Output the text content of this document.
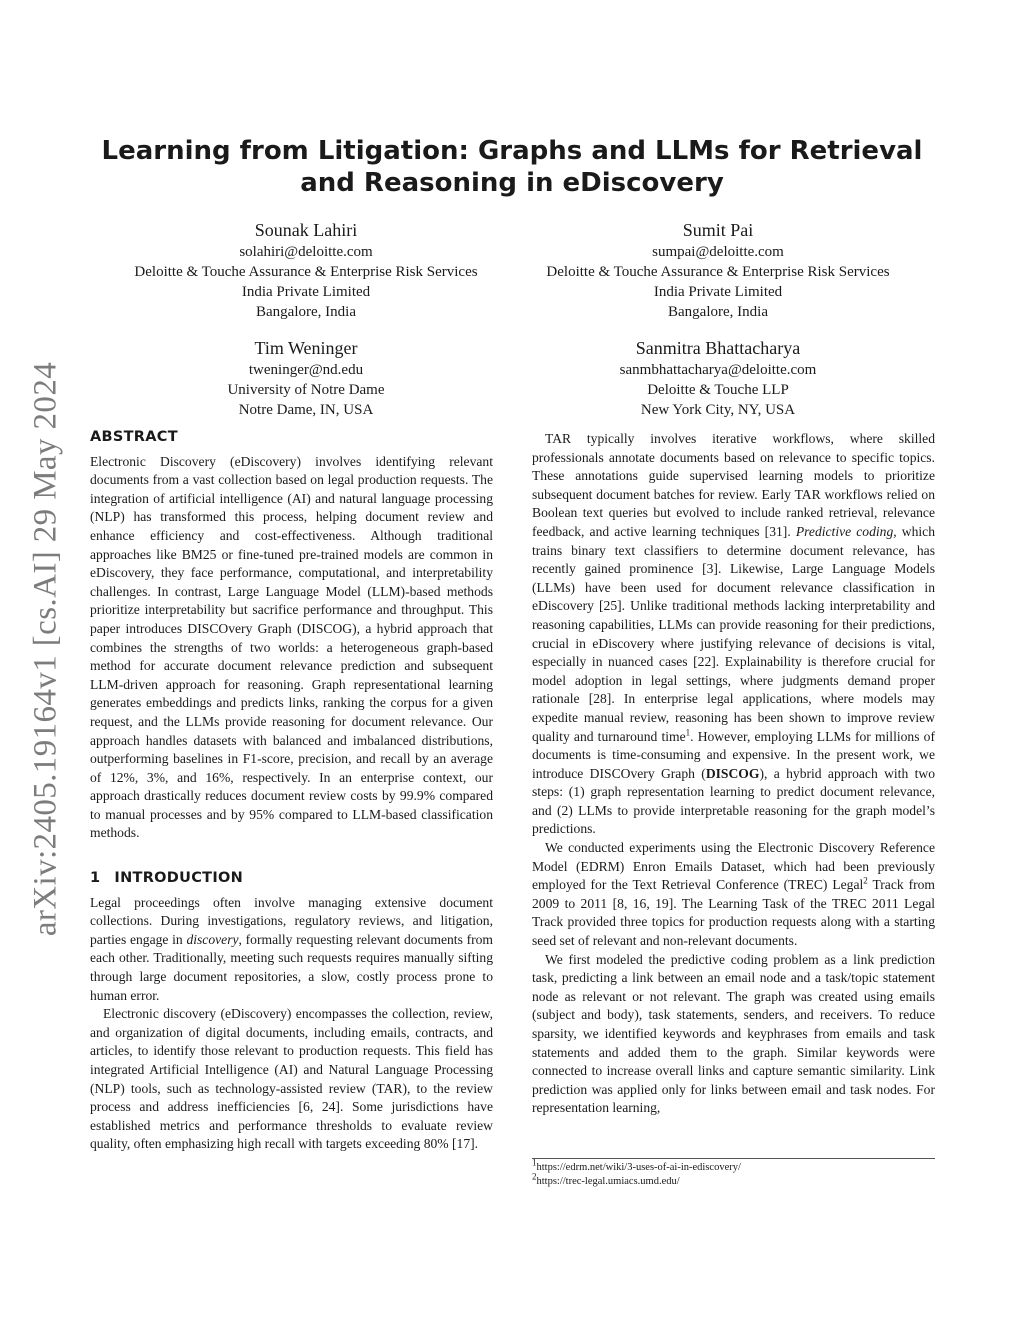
arXiv:2405.19164v1 [cs.AI] 29 May 2024
Learning from Litigation: Graphs and LLMs for Retrieval and Reasoning in eDiscovery
Sounak Lahiri
solahiri@deloitte.com
Deloitte & Touche Assurance & Enterprise Risk Services
India Private Limited
Bangalore, India
Sumit Pai
sumpai@deloitte.com
Deloitte & Touche Assurance & Enterprise Risk Services
India Private Limited
Bangalore, India
Tim Weninger
tweninger@nd.edu
University of Notre Dame
Notre Dame, IN, USA
Sanmitra Bhattacharya
sanmbhattacharya@deloitte.com
Deloitte & Touche LLP
New York City, NY, USA
ABSTRACT

Electronic Discovery (eDiscovery) involves identifying relevant documents from a vast collection based on legal production requests. The integration of artificial intelligence (AI) and natural language processing (NLP) has transformed this process, helping document review and enhance efficiency and cost-effectiveness. Although traditional approaches like BM25 or fine-tuned pre-trained models are common in eDiscovery, they face performance, computational, and interpretability challenges. In contrast, Large Language Model (LLM)-based methods prioritize interpretability but sacrifice performance and throughput. This paper introduces DISCOvery Graph (DISCOG), a hybrid approach that combines the strengths of two worlds: a heterogeneous graph-based method for accurate document relevance prediction and subsequent LLM-driven approach for reasoning. Graph representational learning generates embeddings and predicts links, ranking the corpus for a given request, and the LLMs provide reasoning for document relevance. Our approach handles datasets with balanced and imbalanced distributions, outperforming baselines in F1-score, precision, and recall by an average of 12%, 3%, and 16%, respectively. In an enterprise context, our approach drastically reduces document review costs by 99.9% compared to manual processes and by 95% compared to LLM-based classification methods.

1 INTRODUCTION

Legal proceedings often involve managing extensive document collections. During investigations, regulatory reviews, and litigation, parties engage in discovery, formally requesting relevant documents from each other. Traditionally, meeting such requests requires manually sifting through large document repositories, a slow, costly process prone to human error.

Electronic discovery (eDiscovery) encompasses the collection, review, and organization of digital documents, including emails, contracts, and articles, to identify those relevant to production requests. This field has integrated Artificial Intelligence (AI) and Natural Language Processing (NLP) tools, such as technology-assisted review (TAR), to the review process and address inefficiencies [6, 24]. Some jurisdictions have established metrics and performance thresholds to evaluate review quality, often emphasizing high recall with targets exceeding 80% [17].

TAR typically involves iterative workflows, where skilled professionals annotate documents based on relevance to specific topics. These annotations guide supervised learning models to prioritize subsequent document batches for review. Early TAR workflows relied on Boolean text queries but evolved to include ranked retrieval, relevance feedback, and active learning techniques [31]. Predictive coding, which trains binary text classifiers to determine document relevance, has recently gained prominence [3]. Likewise, Large Language Models (LLMs) have been used for document relevance classification in eDiscovery [25]. Unlike traditional methods lacking interpretability and reasoning capabilities, LLMs can provide reasoning for their predictions, crucial in eDiscovery where justifying relevance of decisions is vital, especially in nuanced cases [22]. Explainability is therefore crucial for model adoption in legal settings, where judgments demand proper rationale [28]. In enterprise legal applications, where models may expedite manual review, reasoning has been shown to improve review quality and turnaround time$^1$. However, employing LLMs for millions of documents is time-consuming and expensive. In the present work, we introduce DISCOvery Graph (DISCOG), a hybrid approach with two steps: (1) graph representation learning to predict document relevance, and (2) LLMs to provide interpretable reasoning for the graph model’s predictions.

We conducted experiments using the Electronic Discovery Reference Model (EDRM) Enron Emails Dataset, which had been previously employed for the Text Retrieval Conference (TREC) Legal$^2$ Track from 2009 to 2011 [8, 16, 19]. The Learning Task of the TREC 2011 Legal Track provided three topics for production requests along with a starting seed set of relevant and non-relevant documents.

We first modeled the predictive coding problem as a link prediction task, predicting a link between an email node and a task/topic statement node as relevant or not relevant. The graph was created using emails (subject and body), task statements, senders, and receivers. To reduce sparsity, we identified keywords and keyphrases from emails and task statements and added them to the graph. Similar keywords were connected to increase overall links and capture semantic similarity. Link prediction was applied only for links between email and task nodes. For representation learning,

$^1$https://edrm.net/wiki/3-uses-of-ai-in-ediscovery/
$^2$https://trec-legal.umiacs.umd.edu/
